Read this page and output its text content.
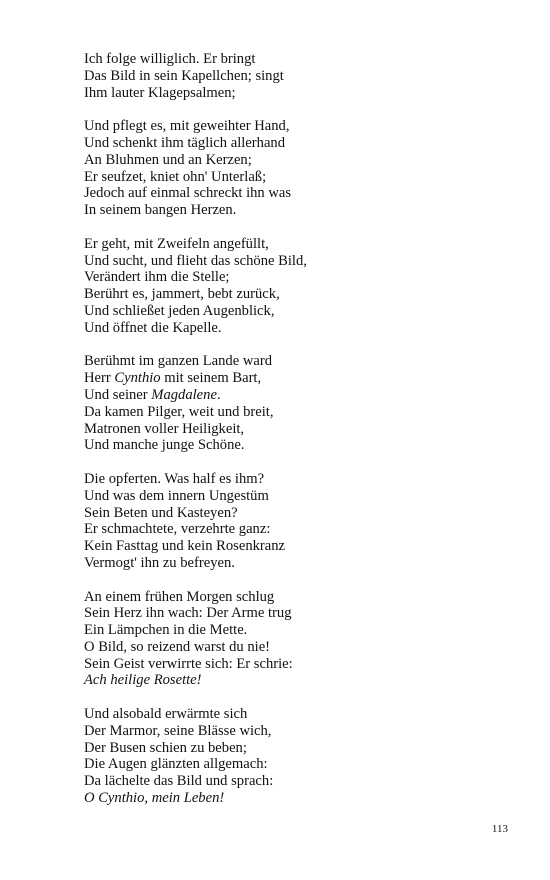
Ich folge williglich. Er bringt
Das Bild in sein Kapellchen; singt
Ihm lauter Klagepsalmen;
Und pflegt es, mit geweihter Hand,
Und schenkt ihm täglich allerhand
An Bluhmen und an Kerzen;
Er seufzet, kniet ohn' Unterlaß;
Jedoch auf einmal schreckt ihn was
In seinem bangen Herzen.
Er geht, mit Zweifeln angefüllt,
Und sucht, und flieht das schöne Bild,
Verändert ihm die Stelle;
Berührt es, jammert, bebt zurück,
Und schließet jeden Augenblick,
Und öffnet die Kapelle.
Berühmt im ganzen Lande ward
Herr Cynthio mit seinem Bart,
Und seiner Magdalene.
Da kamen Pilger, weit und breit,
Matronen voller Heiligkeit,
Und manche junge Schöne.
Die opferten. Was half es ihm?
Und was dem innern Ungestüm
Sein Beten und Kasteyen?
Er schmachtete, verzehrte ganz:
Kein Fasttag und kein Rosenkranz
Vermogt' ihn zu befreyen.
An einem frühen Morgen schlug
Sein Herz ihn wach: Der Arme trug
Ein Lämpchen in die Mette.
O Bild, so reizend warst du nie!
Sein Geist verwirrte sich: Er schrie:
Ach heilige Rosette!
Und alsobald erwärmte sich
Der Marmor, seine Blässe wich,
Der Busen schien zu beben;
Die Augen glänzten allgemach:
Da lächelte das Bild und sprach:
O Cynthio, mein Leben!
113
